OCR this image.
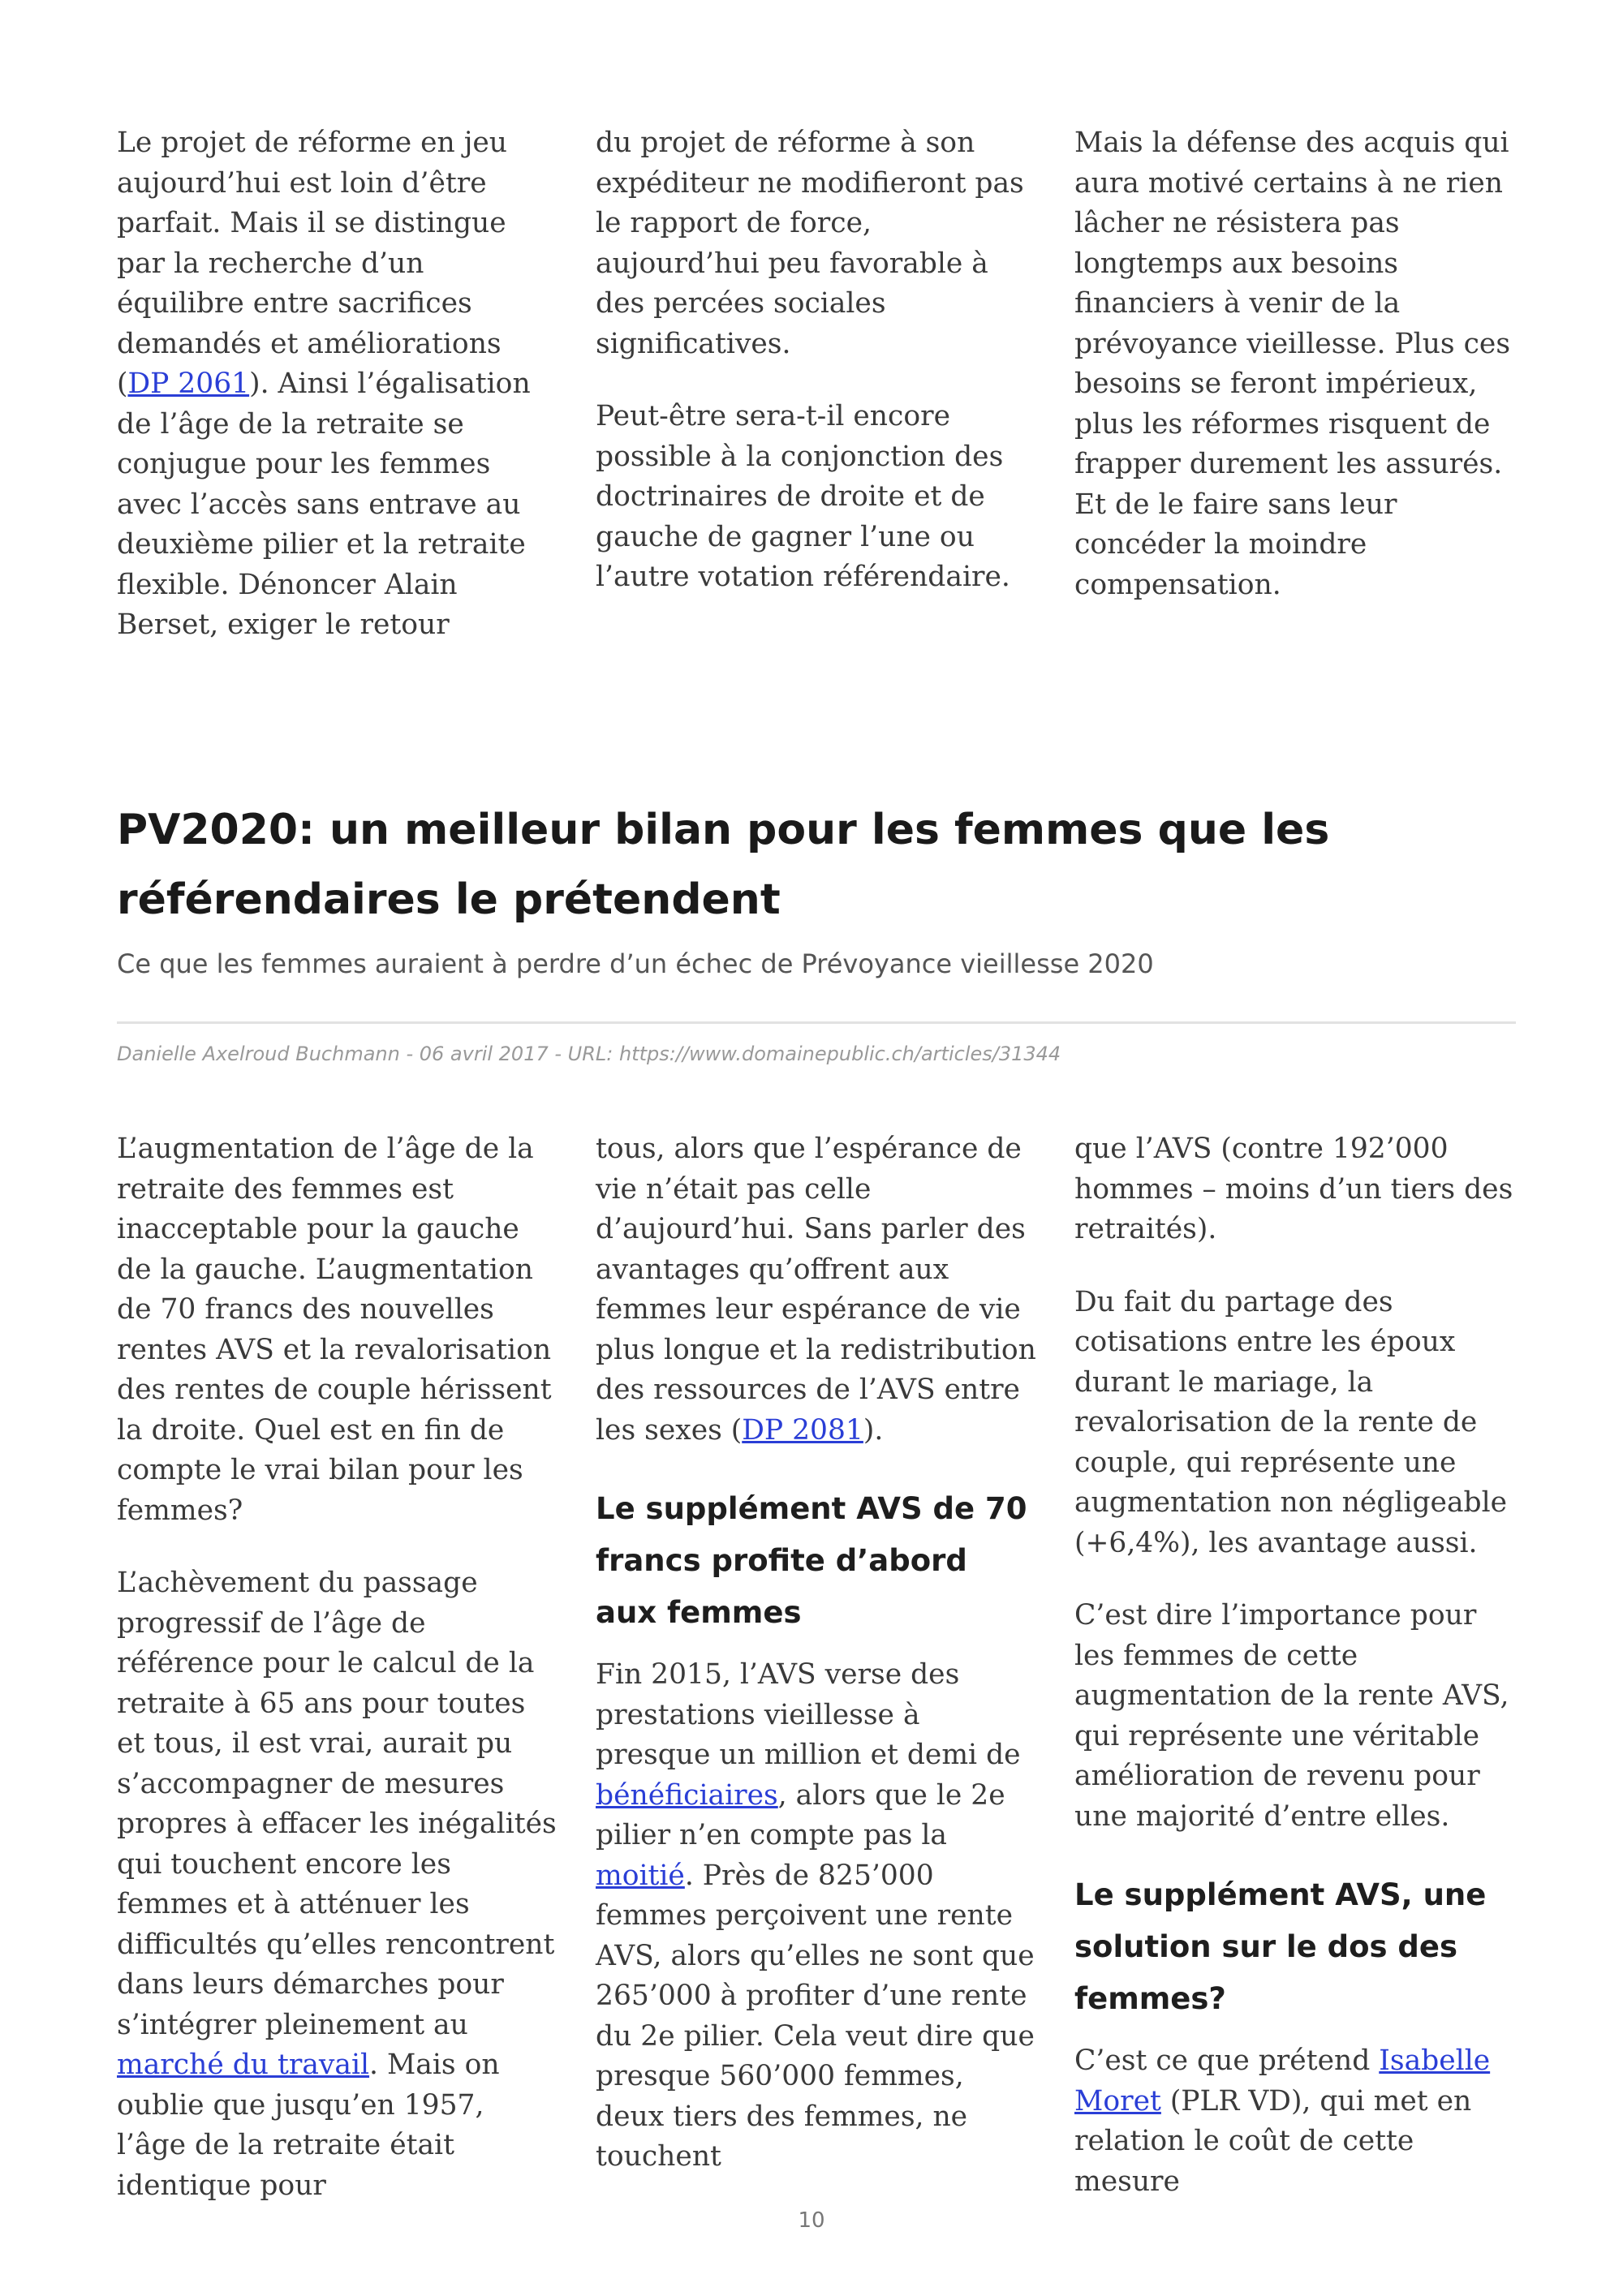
Le projet de réforme en jeu aujourd’hui est loin d’être parfait. Mais il se distingue par la recherche d’un équilibre entre sacrifices demandés et améliorations (DP 2061). Ainsi l’égalisation de l’âge de la retraite se conjugue pour les femmes avec l’accès sans entrave au deuxième pilier et la retraite flexible. Dénoncer Alain Berset, exiger le retour

du projet de réforme à son expéditeur ne modifieront pas le rapport de force, aujourd’hui peu favorable à des percées sociales significatives.

Peut-être sera-t-il encore possible à la conjonction des doctrinaires de droite et de gauche de gagner l’une ou l’autre votation référendaire.

Mais la défense des acquis qui aura motivé certains à ne rien lâcher ne résistera pas longtemps aux besoins financiers à venir de la prévoyance vieillesse. Plus ces besoins se feront impérieux, plus les réformes risquent de frapper durement les assurés. Et de le faire sans leur concéder la moindre compensation.

PV2020: un meilleur bilan pour les femmes que les référendaires le prétendent

Ce que les femmes auraient à perdre d’un échec de Prévoyance vieillesse 2020

Danielle Axelroud Buchmann - 06 avril 2017 - URL: https://www.domainepublic.ch/articles/31344

L’augmentation de l’âge de la retraite des femmes est inacceptable pour la gauche de la gauche. L’augmentation de 70 francs des nouvelles rentes AVS et la revalorisation des rentes de couple hérissent la droite. Quel est en fin de compte le vrai bilan pour les femmes?

L’achèvement du passage progressif de l’âge de référence pour le calcul de la retraite à 65 ans pour toutes et tous, il est vrai, aurait pu s’accompagner de mesures propres à effacer les inégalités qui touchent encore les femmes et à atténuer les difficultés qu’elles rencontrent dans leurs démarches pour s’intégrer pleinement au marché du travail. Mais on oublie que jusqu’en 1957, l’âge de la retraite était identique pour

tous, alors que l’espérance de vie n’était pas celle d’aujourd’hui. Sans parler des avantages qu’offrent aux femmes leur espérance de vie plus longue et la redistribution des ressources de l’AVS entre les sexes (DP 2081).

Le supplément AVS de 70 francs profite d’abord aux femmes

Fin 2015, l’AVS verse des prestations vieillesse à presque un million et demi de bénéficiaires, alors que le 2e pilier n’en compte pas la moitié. Près de 825’000 femmes perçoivent une rente AVS, alors qu’elles ne sont que 265’000 à profiter d’une rente du 2e pilier. Cela veut dire que presque 560’000 femmes, deux tiers des femmes, ne touchent

que l’AVS (contre 192’000 hommes – moins d’un tiers des retraités).

Du fait du partage des cotisations entre les époux durant le mariage, la revalorisation de la rente de couple, qui représente une augmentation non négligeable (+6,4%), les avantage aussi.

C’est dire l’importance pour les femmes de cette augmentation de la rente AVS, qui représente une véritable amélioration de revenu pour une majorité d’entre elles.

Le supplément AVS, une solution sur le dos des femmes?

C’est ce que prétend Isabelle Moret (PLR VD), qui met en relation le coût de cette mesure

10
